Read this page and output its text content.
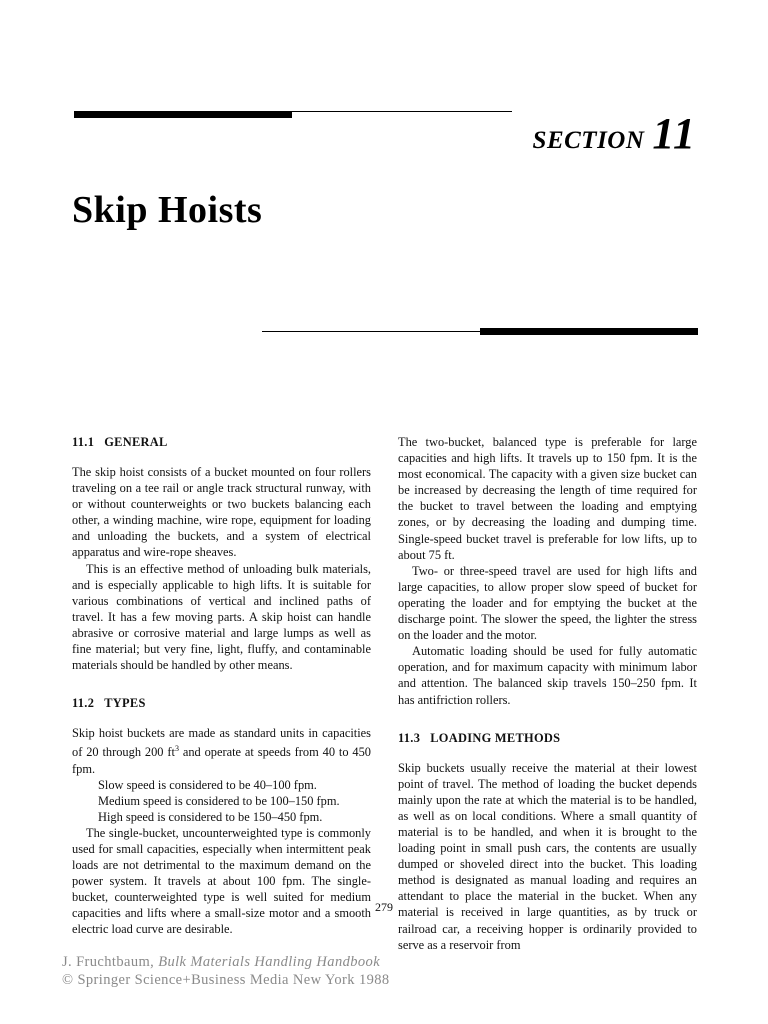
SECTION 11
Skip Hoists
11.1 GENERAL

The skip hoist consists of a bucket mounted on four rollers traveling on a tee rail or angle track structural runway, with or without counterweights or two buckets balancing each other, a winding machine, wire rope, equipment for loading and unloading the buckets, and a system of electrical apparatus and wire-rope sheaves.

This is an effective method of unloading bulk materials, and is especially applicable to high lifts. It is suitable for various combinations of vertical and inclined paths of travel. It has a few moving parts. A skip hoist can handle abrasive or corrosive material and large lumps as well as fine material; but very fine, light, fluffy, and contaminable materials should be handled by other means.

11.2 TYPES

Skip hoist buckets are made as standard units in capacities of 20 through 200 $ft^3$ and operate at speeds from 40 to 450 fpm.

Slow speed is considered to be 40–100 fpm.

Medium speed is considered to be 100–150 fpm.

High speed is considered to be 150–450 fpm.

The single-bucket, uncounterweighted type is commonly used for small capacities, especially when intermittent peak loads are not detrimental to the maximum demand on the power system. It travels at about 100 fpm. The single-bucket, counterweighted type is well suited for medium capacities and lifts where a small-size motor and a smooth electric load curve are desirable.

The two-bucket, balanced type is preferable for large capacities and high lifts. It travels up to 150 fpm. It is the most economical. The capacity with a given size bucket can be increased by decreasing the length of time required for the bucket to travel between the loading and emptying zones, or by decreasing the loading and dumping time. Single-speed bucket travel is preferable for low lifts, up to about 75 ft.

Two- or three-speed travel are used for high lifts and large capacities, to allow proper slow speed of bucket for operating the loader and for emptying the bucket at the discharge point. The slower the speed, the lighter the stress on the loader and the motor.

Automatic loading should be used for fully automatic operation, and for maximum capacity with minimum labor and attention. The balanced skip travels 150–250 fpm. It has antifriction rollers.

11.3 LOADING METHODS

Skip buckets usually receive the material at their lowest point of travel. The method of loading the bucket depends mainly upon the rate at which the material is to be handled, as well as on local conditions. Where a small quantity of material is to be handled, and when it is brought to the loading point in small push cars, the contents are usually dumped or shoveled direct into the bucket. This loading method is designated as manual loading and requires an attendant to place the material in the bucket. When any material is received in large quantities, as by truck or railroad car, a receiving hopper is ordinarily provided to serve as a reservoir from

279
J. Fruchtbaum, Bulk Materials Handling Handbook
© Springer Science+Business Media New York 1988
